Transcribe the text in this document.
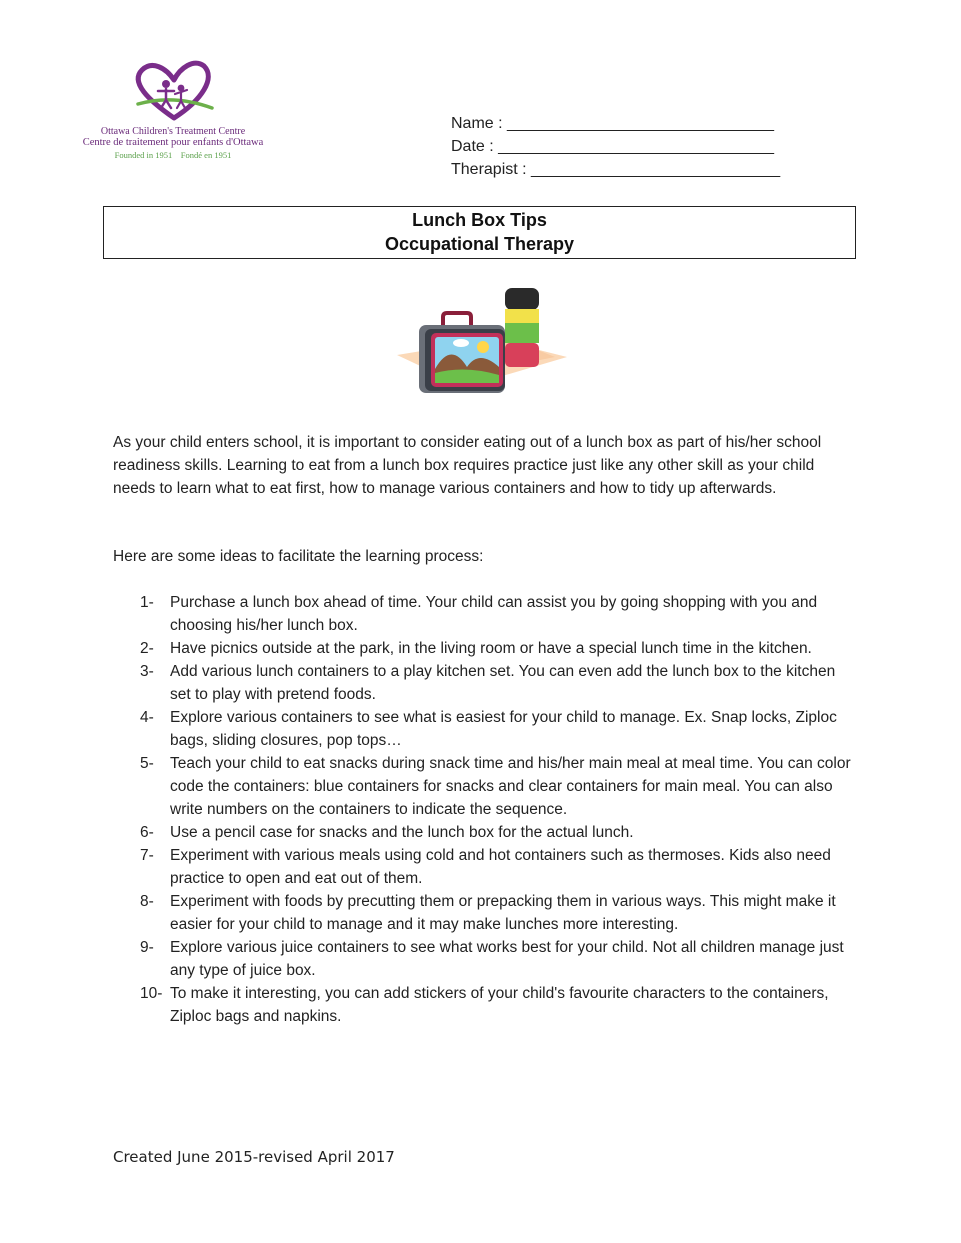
Ottawa Children's Treatment Centre
Centre de traitement pour enfants d'Ottawa
Founded in 1951 Fondé en 1951
Name : ______________________________
Date : _______________________________
Therapist : ____________________________
Lunch Box Tips
Occupational Therapy
As your child enters school, it is important to consider eating out of a lunch box as part of his/her school readiness skills. Learning to eat from a lunch box requires practice just like any other skill as your child needs to learn what to eat first, how to manage various containers and how to tidy up afterwards.
Here are some ideas to facilitate the learning process:
1- Purchase a lunch box ahead of time. Your child can assist you by going shopping with you and choosing his/her lunch box.
2- Have picnics outside at the park, in the living room or have a special lunch time in the kitchen.
3- Add various lunch containers to a play kitchen set. You can even add the lunch box to the kitchen set to play with pretend foods.
4- Explore various containers to see what is easiest for your child to manage. Ex. Snap locks, Ziploc bags, sliding closures, pop tops…
5- Teach your child to eat snacks during snack time and his/her main meal at meal time. You can color code the containers: blue containers for snacks and clear containers for main meal. You can also write numbers on the containers to indicate the sequence.
6- Use a pencil case for snacks and the lunch box for the actual lunch.
7- Experiment with various meals using cold and hot containers such as thermoses. Kids also need practice to open and eat out of them.
8- Experiment with foods by precutting them or prepacking them in various ways. This might make it easier for your child to manage and it may make lunches more interesting.
9- Explore various juice containers to see what works best for your child. Not all children manage just any type of juice box.
10- To make it interesting, you can add stickers of your child's favourite characters to the containers, Ziploc bags and napkins.
Created June 2015-revised April 2017
